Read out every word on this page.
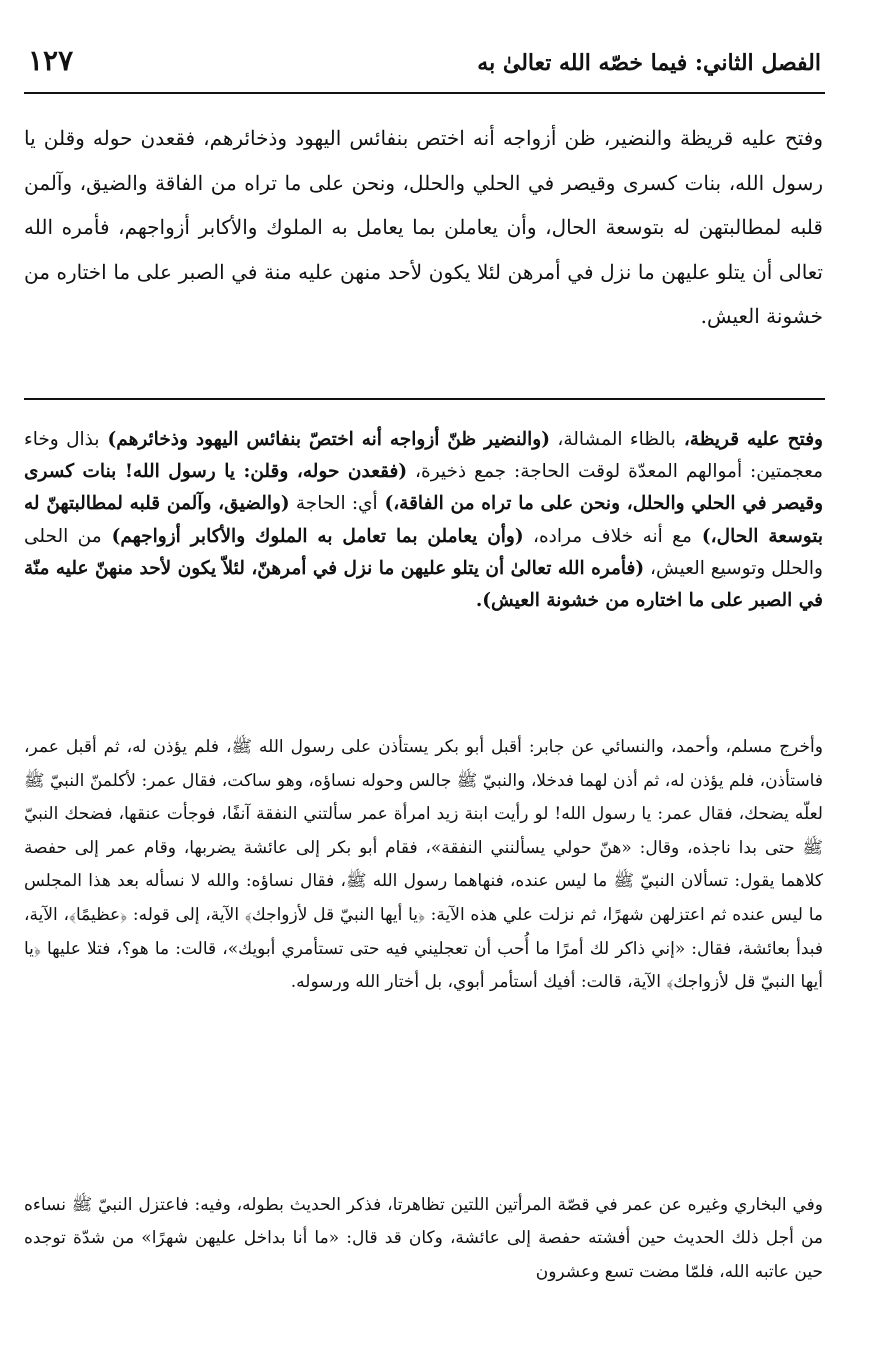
١٢٧	الفصل الثاني: فيما خصّه الله تعالىٰ به

وفتح عليه قريظة والنضير، ظن أزواجه أنه اختص بنفائس اليهود وذخائرهم، فقعدن حوله وقلن يا رسول الله، بنات كسرى وقيصر في الحلي والحلل، ونحن على ما تراه من الفاقة والضيق، وآلمن قلبه لمطالبتهن له بتوسعة الحال، وأن يعاملن بما يعامل به الملوك والأكابر أزواجهم، فأمره الله تعالى أن يتلو عليهن ما نزل في أمرهن لئلا يكون لأحد منهن عليه منة في الصبر على ما اختاره من خشونة العيش.

وفتح عليه قريظة، بالظاء المشالة، (والنضير ظنّ أزواجه أنه اختصّ بنفائس اليهود وذخائرهم) بذال وخاء معجمتين: أموالهم المعدّة لوقت الحاجة: جمع ذخيرة، (فقعدن حوله، وقلن: يا رسول الله! بنات كسرى وقيصر في الحلي والحلل، ونحن على ما تراه من الفاقة،) أي: الحاجة (والضيق، وآلمن قلبه لمطالبتهنّ له بتوسعة الحال،) مع أنه خلاف مراده، (وأن يعاملن بما تعامل به الملوك والأكابر أزواجهم) من الحلى والحلل وتوسيع العيش، (فأمره الله تعالىٰ أن يتلو عليهن ما نزل في أمرهنّ، لئلاّ يكون لأحد منهنّ عليه منّة في الصبر على ما اختاره من خشونة العيش).

وأخرج مسلم، وأحمد، والنسائي عن جابر: أقبل أبو بكر يستأذن على رسول الله ﷺ، فلم يؤذن له، ثم أقبل عمر، فاستأذن، فلم يؤذن له، ثم أذن لهما فدخلا، والنبيّ ﷺ جالس وحوله نساؤه، وهو ساكت، فقال عمر: لأكلمنّ النبيّ ﷺ لعلّه يضحك، فقال عمر: يا رسول الله! لو رأيت ابنة زيد امرأة عمر سألتني النفقة آنفًا، فوجأت عنقها، فضحك النبيّ ﷺ حتى بدا ناجذه، وقال: «هنّ حولي يسألنني النفقة»، فقام أبو بكر إلى عائشة يضربها، وقام عمر إلى حفصة كلاهما يقول: تسألان النبيّ ﷺ ما ليس عنده، فنهاهما رسول الله ﷺ، فقال نساؤه: والله لا نسأله بعد هذا المجلس ما ليس عنده ثم اعتزلهن شهرًا، ثم نزلت علي هذه الآية: ﴿يا أيها النبيّ قل لأزواجك﴾ الآية، إلى قوله: ﴿عظيمًا﴾، الآية، فبدأ بعائشة، فقال: «إني ذاكر لك أمرًا ما أُحب أن تعجليني فيه حتى تستأمري أبويك»، قالت: ما هو؟، فتلا عليها ﴿يا أيها النبيّ قل لأزواجك﴾ الآية، قالت: أفيك أستأمر أبوي، بل أختار الله ورسوله.

وفي البخاري وغيره عن عمر في قصّة المرأتين اللتين تظاهرتا، فذكر الحديث بطوله، وفيه: فاعتزل النبيّ ﷺ نساءه من أجل ذلك الحديث حين أفشته حفصة إلى عائشة، وكان قد قال: «ما أنا بداخل عليهن شهرًا» من شدّة توجده حين عاتبه الله، فلمّا مضت تسع وعشرون
